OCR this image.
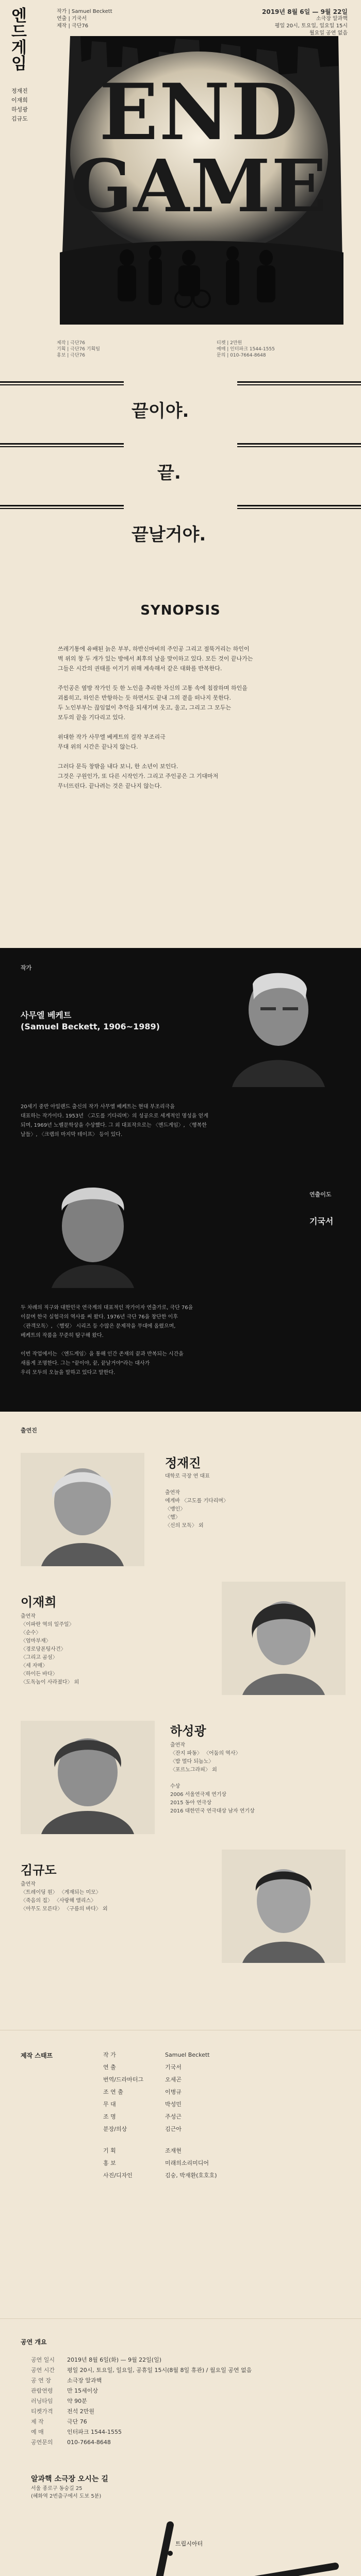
엔드
게임
작가 | Samuel Beckett
연출 | 기국서
제작 | 극단76
2019년 8월 6일 — 9월 22일
소극장 알과핵
평일 20시, 토요일, 일요일 15시
월요일 공연 없음
정재진
이재희
하성광
김규도 END
GAME
제작 | 극단76
기획 | 극단76 기획팀
홍보 | 극단76
티켓 | 2만원
예매 | 인터파크 1544-1555
문의 | 010-7664-8648
끝이야.
끝.
끝날거야.
SYNOPSIS
쓰레기통에 유배된 늙은 부부, 하반신마비의 주인공 그리고 절뚝거리는 하인이
벽 위의 창 두 개가 있는 방에서 최후의 날을 맞이하고 있다. 모든 것이 끝나가는
그들은 시간의 권태를 이기기 위해 계속해서 같은 대화를 반복한다.

주인공은 옆방 작가인 듯 한 노인을 추리한 자신의 고통 속에 침잠하며 하인을
괴롭히고, 하인은 반항하는 듯 하면서도 끝내 그의 곁을 떠나지 못한다.
두 노인부부는 끊임없이 추억을 되새기며 웃고, 울고, 그리고 그 모두는
모두의 끝을 기다리고 있다.

위대한 작가 사무엘 베케트의 걸작 부조리극
무대 위의 시간은 끝나지 않는다.

그러다 문득 창밖을 내다 보니, 한 소년이 보인다.
그것은 구원인가, 또 다른 시작인가. 그리고 주인공은 그 기대마저
무너뜨린다. 끝나려는 것은 끝나지 않는다.
작가
사무엘 베케트
(Samuel Beckett, 1906~1989)
20세기 중반 아일랜드 출신의 작가 사무엘 베케트는 현대 부조리극을
대표하는 작가이다. 1953년 〈고도를 기다리며〉의 성공으로 세계적인 명성을 얻게
되며, 1969년 노벨문학상을 수상했다. 그 외 대표작으로는 〈엔드게임〉, 〈행복한
날들〉, 〈크랩의 마지막 테이프〉 등이 있다.
연출이도
기국서
두 차례의 직구와 대한민국 연극계의 대표적인 작가이자 연출가로, 극단 76을
이끌며 한국 실험극의 역사를 써 왔다. 1976년 극단 76을 창단한 이후
〈관객모독〉, 〈햄릿〉 시리즈 등 수많은 문제작을 무대에 올렸으며,
베케트의 작품을 꾸준히 탐구해 왔다.

이번 작업에서는 〈엔드게임〉을 통해 인간 존재의 끝과 반복되는 시간을
새롭게 조명한다. 그는 "끝이야, 끝, 끝날거야"라는 대사가
우리 모두의 오늘을 말하고 있다고 말한다.
출연진
정재진
대학로 극장 연 대표

출연작
에게바 〈고도를 기다리며〉
〈맹인〉
〈햄〉
〈신의 모독〉 외
이재희
출연작
〈이파란 역의 일주일〉
〈순수〉
〈엄마부재〉
〈경로당폰팅사건〉
〈그리고 곰섬〉
〈세 자매〉
〈하이든 바다〉
〈도독놈이 사라졌다〉 외
하성광
출연작
〈잔지 파동〉 〈어둠의 역사〉
〈밥 멀다 되놈노〉
〈포르노그라피〉 외

수상
2006 서울연극제 연기상
2015 동아 연극상
2016 대한민국 연극대상 남자 연기상
김규도
출연작
〈트레이딩 원〉 〈게재되는 미모〉
〈죽음의 집〉 〈사랑해 앨리스〉
〈아무도 모른다〉 〈구름의 바다〉 외
제작 스태프	작 가	Samuel Beckett
연 출	기국서
번역/드라마터그	오세곤
조 연 출	이병규
무 대	박성민
조 명	주성근
분장/의상	김근아
기 획	조재현
홍 보	미래의소리미디어
사진/디자인	김숭, 박재환(호호호)
공연 개요
공연 일시	2019년 8월 6일(화) — 9월 22일(일)
공연 시간	평일 20시, 토요일, 일요일, 공휴일 15시(8월 8일 휴관) / 월요일 공연 없음
공 연 장	소극장 알과핵
관람연령	만 15세이상
러닝타임	약 90분
티켓가격	전석 2만원
제 작	극단 76
예 매	인터파크 1544-1555
공연문의	010-7664-8648
알과핵 소극장 오시는 길
서울 종로구 동숭길 25
(혜화역 2번출구에서 도보 5분)
트립시아터
